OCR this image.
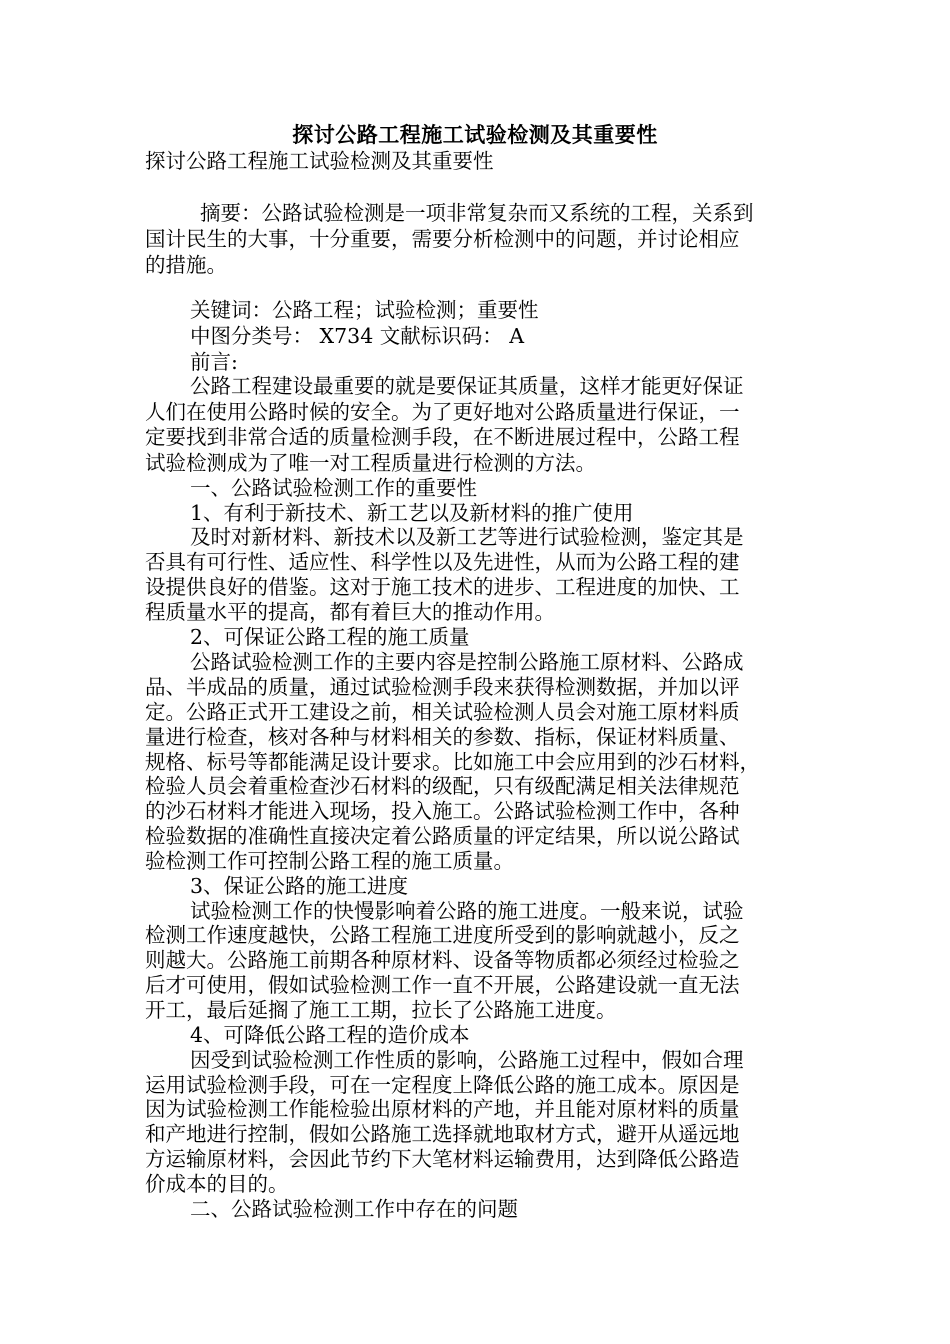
探讨公路工程施工试验检测及其重要性
探讨公路工程施工试验检测及其重要性
摘要：公路试验检测是一项非常复杂而又系统的工程，关系到
国计民生的大事，十分重要，需要分析检测中的问题，并讨论相应
的措施。
关键词：公路工程；试验检测；重要性
中图分类号： X734 文献标识码： A
前言:
公路工程建设最重要的就是要保证其质量，这样才能更好保证
人们在使用公路时候的安全。为了更好地对公路质量进行保证，一
定要找到非常合适的质量检测手段，在不断进展过程中，公路工程
试验检测成为了唯一对工程质量进行检测的方法。
一、公路试验检测工作的重要性
1、有利于新技术、新工艺以及新材料的推广使用
及时对新材料、新技术以及新工艺等进行试验检测，鉴定其是
否具有可行性、适应性、科学性以及先进性，从而为公路工程的建
设提供良好的借鉴。这对于施工技术的进步、工程进度的加快、工
程质量水平的提高，都有着巨大的推动作用。
2、可保证公路工程的施工质量
公路试验检测工作的主要内容是控制公路施工原材料、公路成
品、半成品的质量，通过试验检测手段来获得检测数据，并加以评
定。公路正式开工建设之前，相关试验检测人员会对施工原材料质
量进行检查，核对各种与材料相关的参数、指标，保证材料质量、
规格、标号等都能满足设计要求。比如施工中会应用到的沙石材料，
检验人员会着重检查沙石材料的级配，只有级配满足相关法律规范
的沙石材料才能进入现场，投入施工。公路试验检测工作中，各种
检验数据的准确性直接决定着公路质量的评定结果，所以说公路试
验检测工作可控制公路工程的施工质量。
3、保证公路的施工进度
试验检测工作的快慢影响着公路的施工进度。一般来说，试验
检测工作速度越快，公路工程施工进度所受到的影响就越小，反之
则越大。公路施工前期各种原材料、设备等物质都必须经过检验之
后才可使用，假如试验检测工作一直不开展，公路建设就一直无法
开工，最后延搁了施工工期，拉长了公路施工进度。
4、可降低公路工程的造价成本
因受到试验检测工作性质的影响，公路施工过程中，假如合理
运用试验检测手段，可在一定程度上降低公路的施工成本。原因是
因为试验检测工作能检验出原材料的产地，并且能对原材料的质量
和产地进行控制，假如公路施工选择就地取材方式，避开从遥远地
方运输原材料，会因此节约下大笔材料运输费用，达到降低公路造
价成本的目的。
二、公路试验检测工作中存在的问题
